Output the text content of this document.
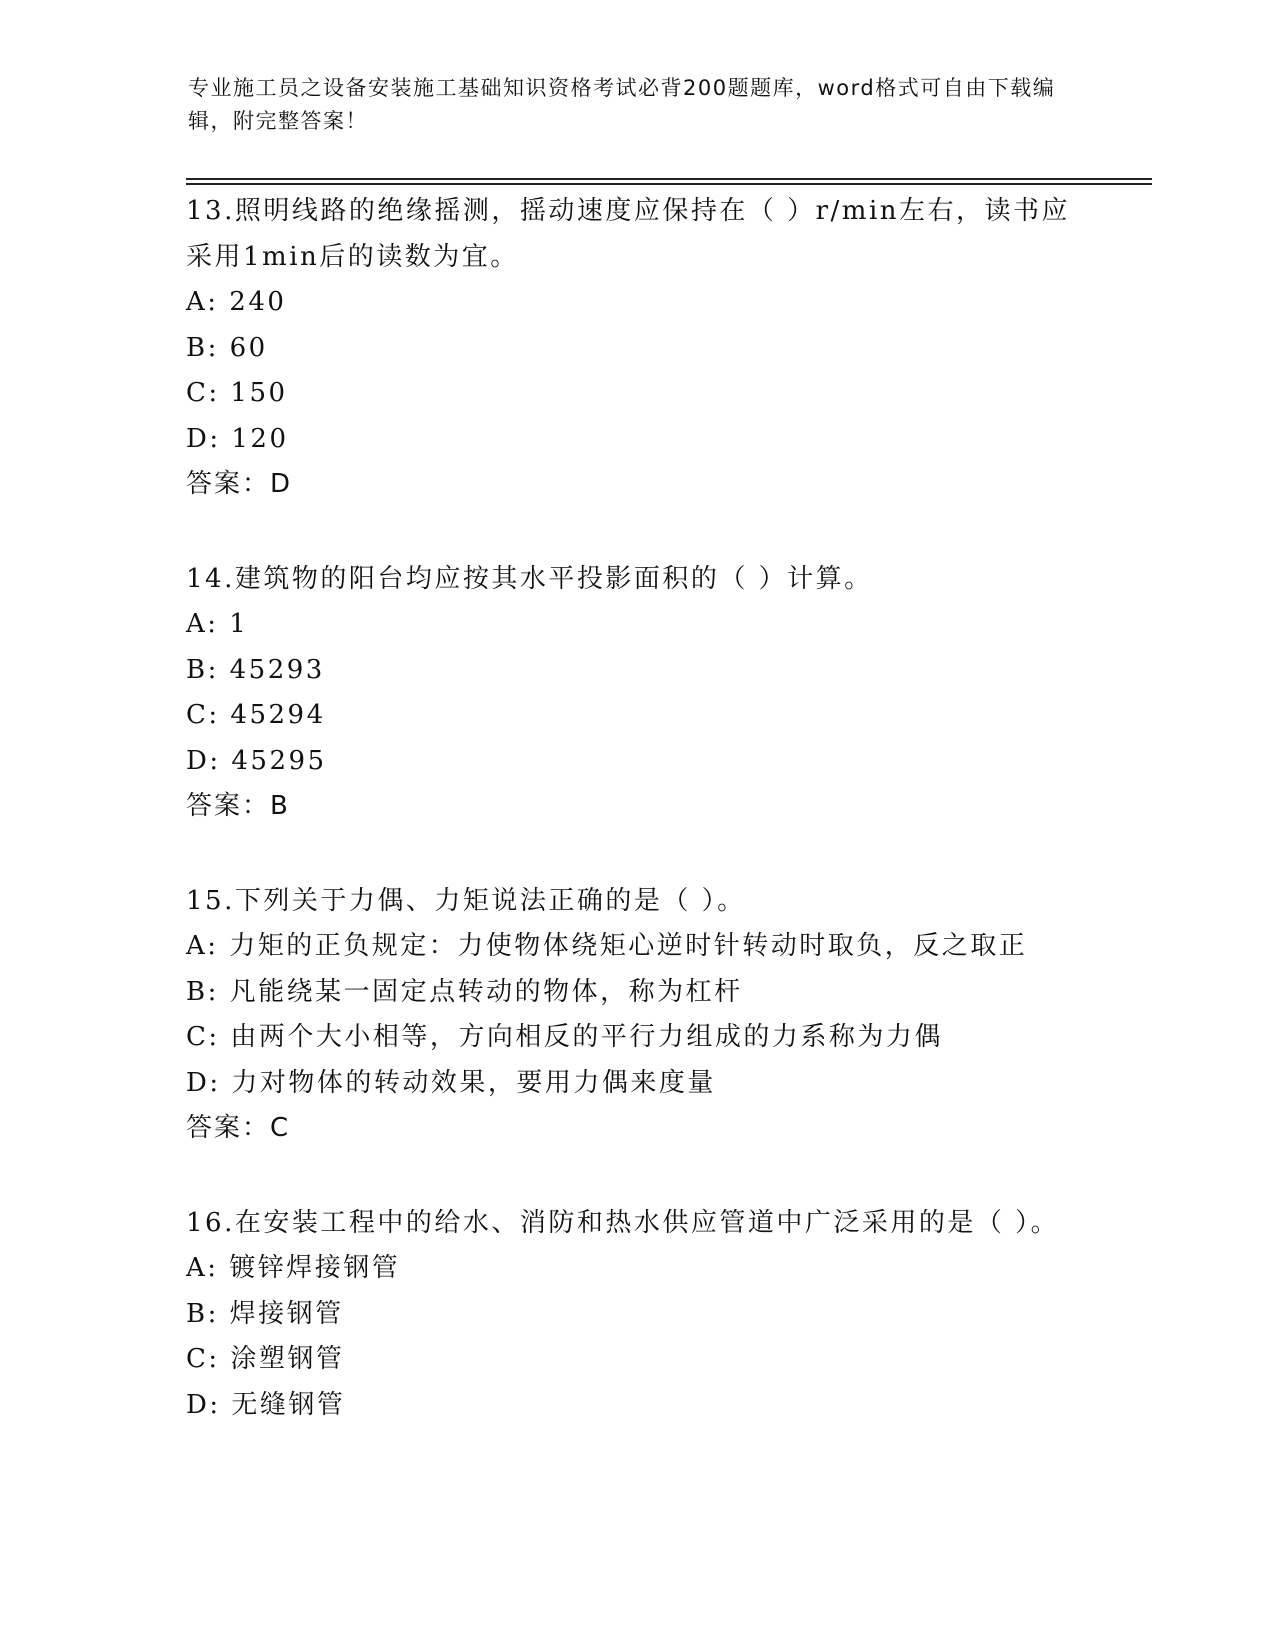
专业施工员之设备安装施工基础知识资格考试必背200题题库，word格式可自由下载编辑，附完整答案！
13.照明线路的绝缘摇测，摇动速度应保持在（ ）r/min左右，读书应采用1min后的读数为宜。
A: 240
B: 60
C: 150
D: 120
答案：D
14.建筑物的阳台均应按其水平投影面积的（ ）计算。
A: 1
B: 45293
C: 45294
D: 45295
答案：B
15.下列关于力偶、力矩说法正确的是（ ）。
A: 力矩的正负规定：力使物体绕矩心逆时针转动时取负，反之取正
B: 凡能绕某一固定点转动的物体，称为杠杆
C: 由两个大小相等，方向相反的平行力组成的力系称为力偶
D: 力对物体的转动效果，要用力偶来度量
答案：C
16.在安装工程中的给水、消防和热水供应管道中广泛采用的是（ ）。
A: 镀锌焊接钢管
B: 焊接钢管
C: 涂塑钢管
D: 无缝钢管
